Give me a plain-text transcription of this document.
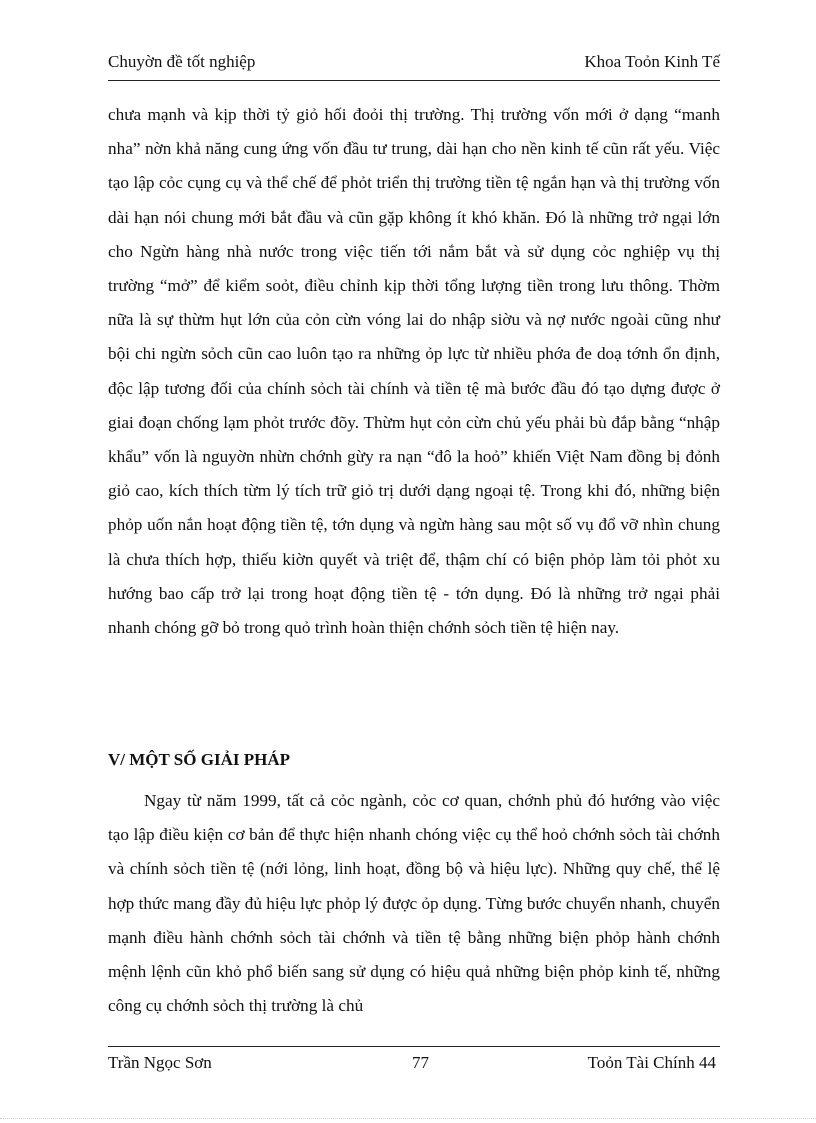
Chuyờn đề tốt nghiệp	Khoa Toỏn Kinh Tế

chưa mạnh và kịp thời tỷ giỏ hối đoỏi thị trường. Thị trường vốn mới ở dạng “manh nha” nờn khả năng cung ứng vốn đầu tư trung, dài hạn cho nền kinh tế cũn rất yếu. Việc tạo lập cỏc cụng cụ và thể chế để phỏt triển thị trường tiền tệ ngắn hạn và thị trường vốn dài hạn nói chung mới bắt đầu và cũn gặp không ít khó khăn. Đó là những trở ngại lớn cho Ngừn hàng nhà nước trong việc tiến tới nắm bắt và sử dụng cỏc nghiệp vụ thị trường “mở” để kiểm soỏt, điều chỉnh kịp thời tổng lượng tiền trong lưu thông. Thờm nữa là sự thừm hụt lớn của cỏn cừn vóng lai do nhập siờu và nợ nước ngoài cũng như bội chi ngừn sỏch cũn cao luôn tạo ra những ỏp lực từ nhiều phớa đe doạ tớnh ổn định, độc lập tương đối của chính sỏch tài chính và tiền tệ mà bước đầu đó tạo dựng được ở giai đoạn chống lạm phỏt trước đõy. Thừm hụt cỏn cừn chủ yếu phải bù đắp bằng “nhập khẩu” vốn là nguyờn nhừn chớnh gừy ra nạn “đô la hoỏ” khiến Việt Nam đồng bị đỏnh giỏ cao, kích thích từm lý tích trữ giỏ trị dưới dạng ngoại tệ. Trong khi đó, những biện phỏp uốn nắn hoạt động tiền tệ, tớn dụng và ngừn hàng sau một số vụ đổ vỡ nhìn chung là chưa thích hợp, thiếu kiờn quyết và triệt để, thậm chí có biện phỏp làm tỏi phỏt xu hướng bao cấp trở lại trong hoạt động tiền tệ - tớn dụng. Đó là những trở ngại phải nhanh chóng gỡ bỏ trong quỏ trình hoàn thiện chớnh sỏch tiền tệ hiện nay.

V/ MỘT SỐ GIẢI PHÁP

Ngay từ năm 1999, tất cả cỏc ngành, cỏc cơ quan, chớnh phủ đó hướng vào việc tạo lập điều kiện cơ bản để thực hiện nhanh chóng việc cụ thể hoỏ chớnh sỏch tài chớnh và chính sỏch tiền tệ (nới lỏng, linh hoạt, đồng bộ và hiệu lực). Những quy chế, thể lệ hợp thức mang đầy đủ hiệu lực phỏp lý được ỏp dụng. Từng bước chuyển nhanh, chuyển mạnh điều hành chớnh sỏch tài chớnh và tiền tệ bằng những biện phỏp hành chớnh mệnh lệnh cũn khỏ phổ biến sang sử dụng có hiệu quả những biện phỏp kinh tế, những công cụ chớnh sỏch thị trường là chủ

Trần Ngọc Sơn	77	Toỏn Tài Chính 44
